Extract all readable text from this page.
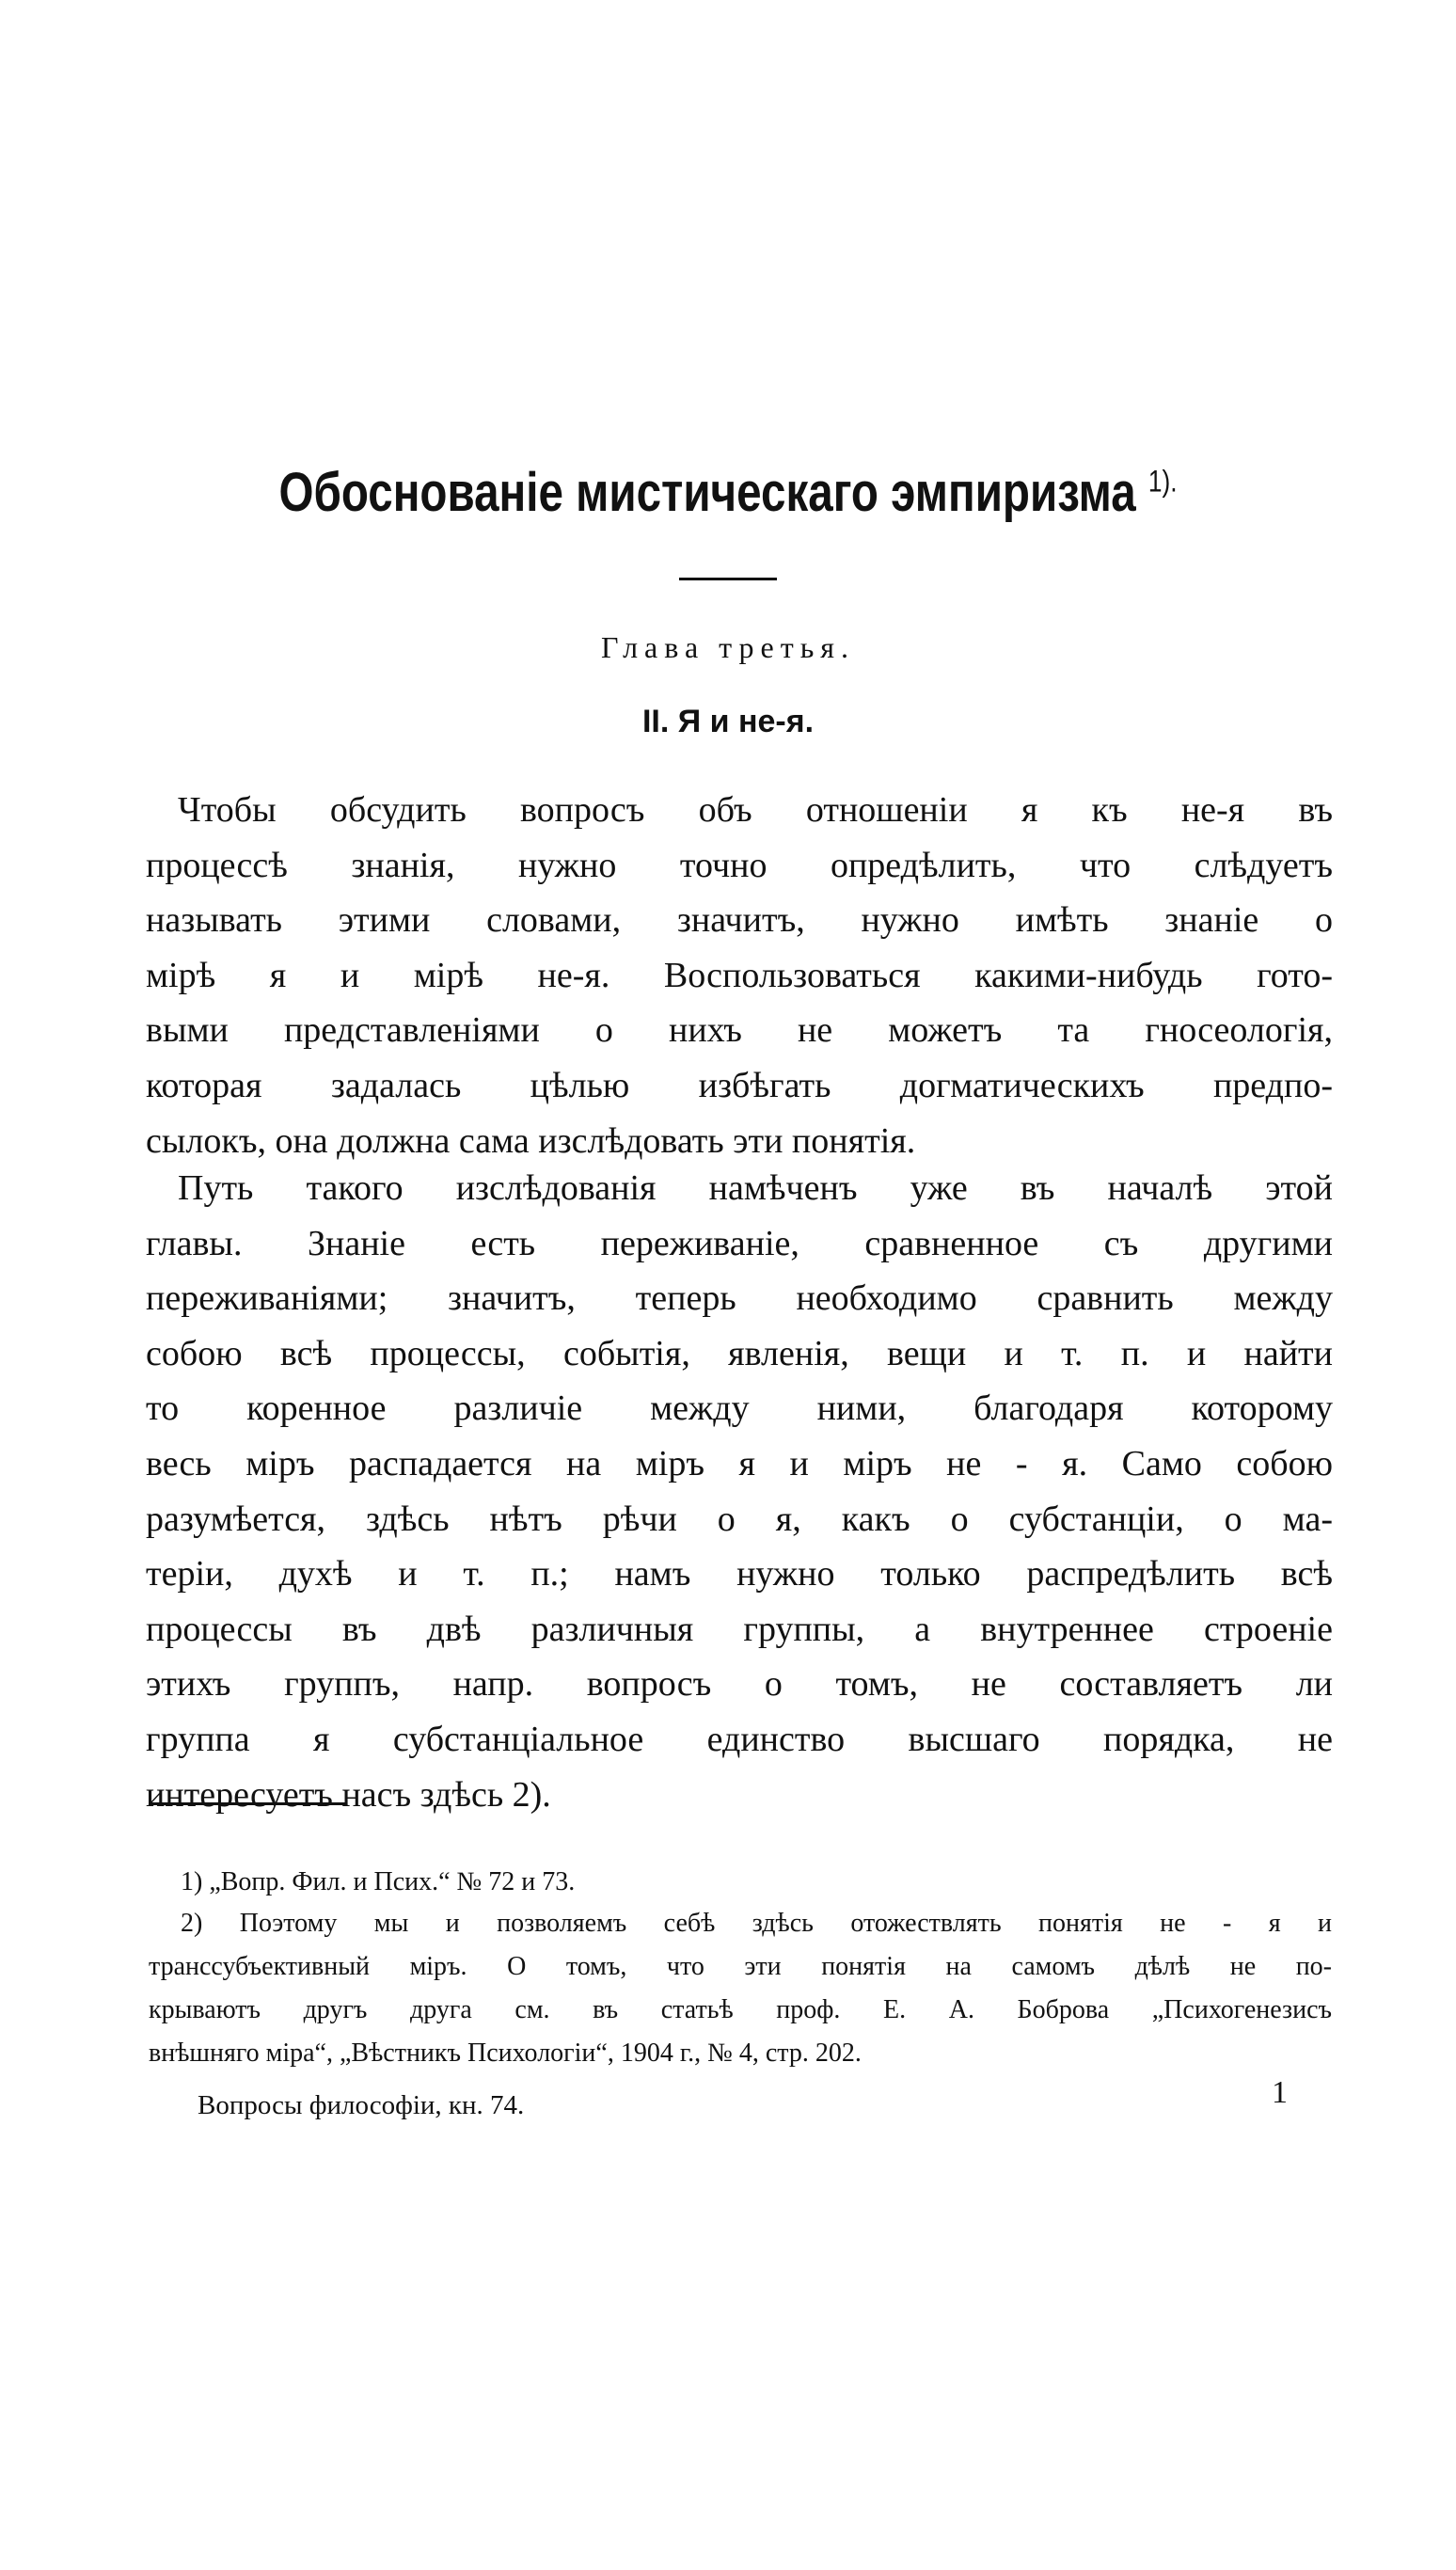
Обоснованіе мистическаго эмпиризма $^{1).}$
Глава третья.
II. Я и не-я.
Чтобы обсудить вопросъ объ отношеніи я къ не-я въ
процессѣ знанія, нужно точно опредѣлить, что слѣдуетъ
называть этими словами, значитъ, нужно имѣть знаніе о
мірѣ я и мірѣ не-я. Воспользоваться какими-нибудь гото-
выми представленіями о нихъ не можетъ та гносеологія,
которая задалась цѣлью избѣгать догматическихъ предпо-
сылокъ, она должна сама изслѣдовать эти понятія.
Путь такого изслѣдованія намѣченъ уже въ началѣ этой
главы. Знаніе есть переживаніе, сравненное съ другими
переживаніями; значитъ, теперь необходимо сравнить между
собою всѣ процессы, событія, явленія, вещи и т. п. и найти
то коренное различіе между ними, благодаря которому
весь міръ распадается на міръ я и міръ не - я. Само собою
разумѣется, здѣсь нѣтъ рѣчи о я, какъ о субстанціи, о ма-
теріи, духѣ и т. п.; намъ нужно только распредѣлить всѣ
процессы въ двѣ различныя группы, а внутреннее строеніе
этихъ группъ, напр. вопросъ о томъ, не составляетъ ли
группа я субстанціальное единство высшаго порядка, не
интересуетъ насъ здѣсь 2).
1) „Вопр. Фил. и Псих.“ № 72 и 73.
2) Поэтому мы и позволяемъ себѣ здѣсь отожествлять понятія не - я и
транссубъективный міръ. О томъ, что эти понятія на самомъ дѣлѣ не по-
крываютъ другъ друга см. въ статьѣ проф. Е. А. Боброва „Психогенезисъ
внѣшняго міра“, „Вѣстникъ Психологіи“, 1904 г., № 4, стр. 202.
Вопросы философіи, кн. 74.	1
